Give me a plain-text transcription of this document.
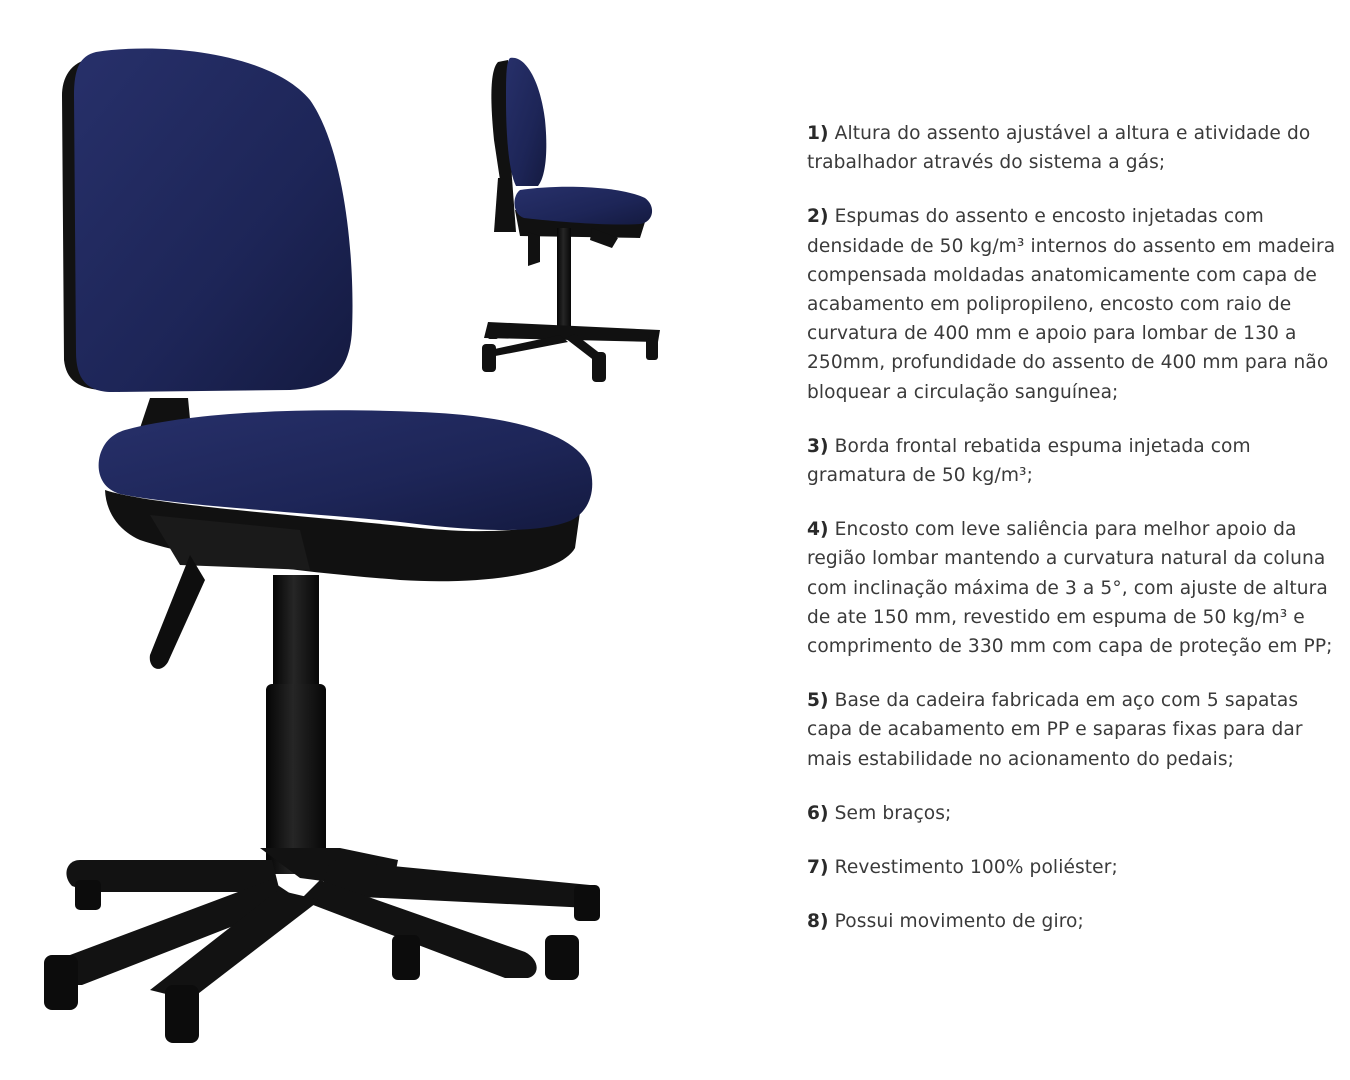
1) Altura do assento ajustável a altura e atividade do trabalhador através do sistema a gás;

2) Espumas do assento e encosto injetadas com densidade de 50 kg/m³ internos do assento em madeira compensada moldadas anatomicamente com capa de acabamento em polipropileno, encosto com raio de curvatura de 400 mm e apoio para lombar de 130 a 250mm, profundidade do assento de 400 mm para não bloquear a circulação sanguínea;

3) Borda frontal rebatida espuma injetada com gramatura de 50 kg/m³;

4) Encosto com leve saliência para melhor apoio da região lombar mantendo a curvatura natural da coluna com inclinação máxima de 3 a 5°, com ajuste de altura de ate 150 mm, revestido em espuma de 50 kg/m³ e comprimento de 330 mm com capa de proteção em PP;

5) Base da cadeira fabricada em aço com 5 sapatas capa de acabamento em PP e saparas fixas para dar mais estabilidade no acionamento do pedais;

6) Sem braços;

7) Revestimento 100% poliéster;

8) Possui movimento de giro;
